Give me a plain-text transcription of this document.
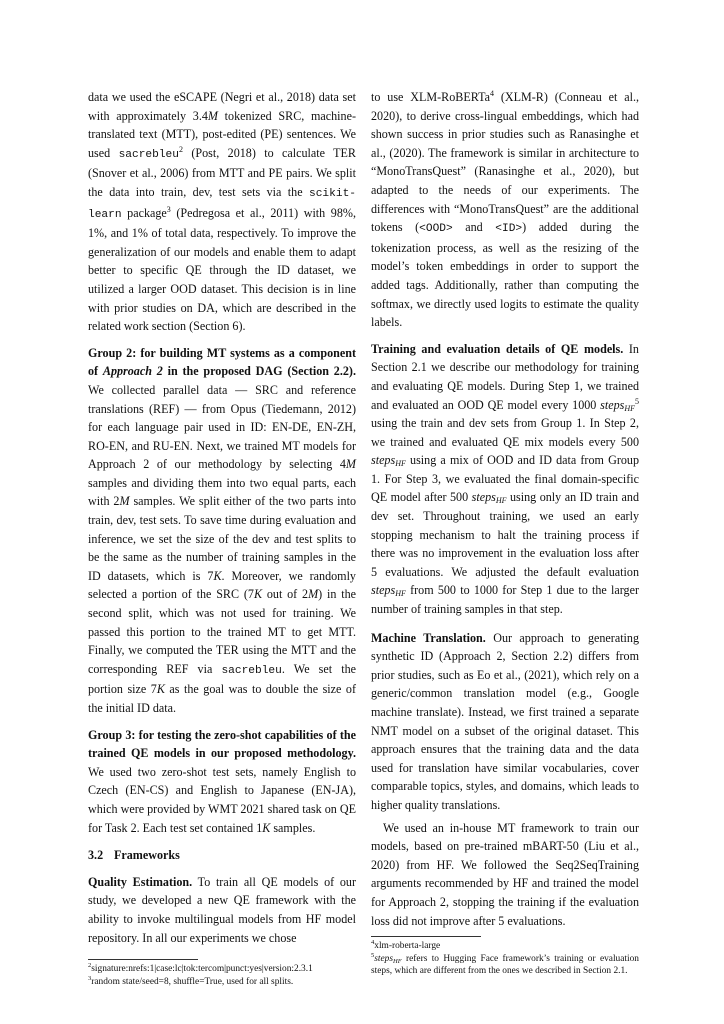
data we used the eSCAPE (Negri et al., 2018) data set with approximately 3.4M tokenized SRC, machine-translated text (MTT), post-edited (PE) sentences. We used sacrebleu$^2$ (Post, 2018) to calculate TER (Snover et al., 2006) from MTT and PE pairs. We split the data into train, dev, test sets via the scikit-learn package$^3$ (Pedregosa et al., 2011) with 98%, 1%, and 1% of total data, respectively. To improve the generalization of our models and enable them to adapt better to specific QE through the ID dataset, we utilized a larger OOD dataset. This decision is in line with prior studies on DA, which are described in the related work section (Section 6).

Group 2: for building MT systems as a component of Approach 2 in the proposed DAG (Section 2.2). We collected parallel data — SRC and reference translations (REF) — from Opus (Tiedemann, 2012) for each language pair used in ID: EN-DE, EN-ZH, RO-EN, and RU-EN. Next, we trained MT models for Approach 2 of our methodology by selecting 4M samples and dividing them into two equal parts, each with 2M samples. We split either of the two parts into train, dev, test sets. To save time during evaluation and inference, we set the size of the dev and test splits to be the same as the number of training samples in the ID datasets, which is 7K. Moreover, we randomly selected a portion of the SRC (7K out of 2M) in the second split, which was not used for training. We passed this portion to the trained MT to get MTT. Finally, we computed the TER using the MTT and the corresponding REF via sacrebleu. We set the portion size 7K as the goal was to double the size of the initial ID data.

Group 3: for testing the zero-shot capabilities of the trained QE models in our proposed methodology. We used two zero-shot test sets, namely English to Czech (EN-CS) and English to Japanese (EN-JA), which were provided by WMT 2021 shared task on QE for Task 2. Each test set contained 1K samples.

3.2 Frameworks

Quality Estimation. To train all QE models of our study, we developed a new QE framework with the ability to invoke multilingual models from HF model repository. In all our experiments we chose

$^2$signature:nrefs:1|case:lc|tok:tercom|punct:yes|version:2.3.1
$^3$random state/seed=8, shuffle=True, used for all splits.

to use XLM-RoBERTa$^4$ (XLM-R) (Conneau et al., 2020), to derive cross-lingual embeddings, which had shown success in prior studies such as Ranasinghe et al., (2020). The framework is similar in architecture to “MonoTransQuest” (Ranasinghe et al., 2020), but adapted to the needs of our experiments. The differences with “MonoTransQuest” are the additional tokens (<OOD> and <ID>) added during the tokenization process, as well as the resizing of the model’s token embeddings in order to support the added tags. Additionally, rather than computing the softmax, we directly used logits to estimate the quality labels.

Training and evaluation details of QE models. In Section 2.1 we describe our methodology for training and evaluating QE models. During Step 1, we trained and evaluated an OOD QE model every 1000 steps$_{HF}^5$ using the train and dev sets from Group 1. In Step 2, we trained and evaluated QE mix models every 500 steps$_{HF}$ using a mix of OOD and ID data from Group 1. For Step 3, we evaluated the final domain-specific QE model after 500 steps$_{HF}$ using only an ID train and dev set. Throughout training, we used an early stopping mechanism to halt the training process if there was no improvement in the evaluation loss after 5 evaluations. We adjusted the default evaluation steps$_{HF}$ from 500 to 1000 for Step 1 due to the larger number of training samples in that step.

Machine Translation. Our approach to generating synthetic ID (Approach 2, Section 2.2) differs from prior studies, such as Eo et al., (2021), which rely on a generic/common translation model (e.g., Google machine translate). Instead, we first trained a separate NMT model on a subset of the original dataset. This approach ensures that the training data and the data used for translation have similar vocabularies, cover comparable topics, styles, and domains, which leads to higher quality translations.

We used an in-house MT framework to train our models, based on pre-trained mBART-50 (Liu et al., 2020) from HF. We followed the Seq2SeqTraining arguments recommended by HF and trained the model for Approach 2, stopping the training if the evaluation loss did not improve after 5 evaluations.

$^4$xlm-roberta-large
$^5$steps$_{HF}$ refers to Hugging Face framework’s training or evaluation steps, which are different from the ones we described in Section 2.1.
